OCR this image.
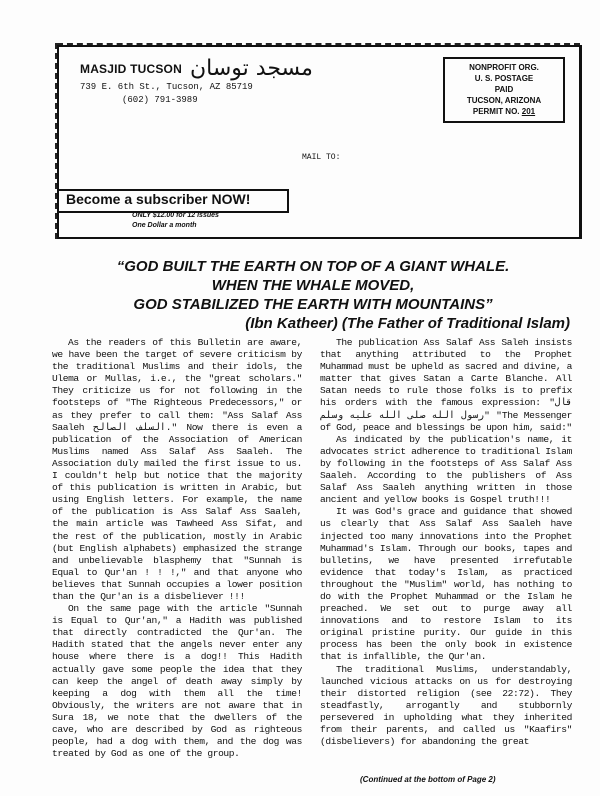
MASJID TUCSON مسجد توسان
739 E. 6th St., Tucson, AZ 85719
(602) 791-3989
NONPROFIT ORG.
U. S. POSTAGE
PAID
TUCSON, ARIZONA
PERMIT NO. 201
MAIL TO:
Become a subscriber NOW!
ONLY $12.00 for 12 issues
One Dollar a month
“GOD BUILT THE EARTH ON TOP OF A GIANT WHALE.
WHEN THE WHALE MOVED,
GOD STABILIZED THE EARTH WITH MOUNTAINS”
(Ibn Katheer) (The Father of Traditional Islam)

As the readers of this Bulletin are aware, we have been the target of severe criticism by the traditional Muslims and their idols, the Ulema or Mullas, i.e., the "great scholars." They criticize us for not following in the footsteps of "The Righteous Predecessors," or as they prefer to call them: "Ass Salaf Ass Saaleh السلف الصالح." Now there is even a publication of the Association of American Muslims named Ass Salaf Ass Saaleh. The Association duly mailed the first issue to us. I couldn't help but notice that the majority of this publication is written in Arabic, but using English letters. For example, the name of the publication is Ass Salaf Ass Saaleh, the main article was Tawheed Ass Sifat, and the rest of the publication, mostly in Arabic (but English alphabets) emphasized the strange and unbelievable blasphemy that "Sunnah is Equal to Qur'an ! ! !," and that anyone who believes that Sunnah occupies a lower position than the Qur'an is a disbeliever !!!

On the same page with the article "Sunnah is Equal to Qur'an," a Hadith was published that directly contradicted the Qur'an. The Hadith stated that the angels never enter any house where there is a dog!! This Hadith actually gave some people the idea that they can keep the angel of death away simply by keeping a dog with them all the time! Obviously, the writers are not aware that in Sura 18, we note that the dwellers of the cave, who are described by God as righteous people, had a dog with them, and the dog was treated by God as one of the group.

The publication Ass Salaf Ass Saleh insists that anything attributed to the Prophet Muhammad must be upheld as sacred and divine, a matter that gives Satan a Carte Blanche. All Satan needs to rule those folks is to prefix his orders with the famous expression: "قال رسول الله صلى الله عليه وسلم" "The Messenger of God, peace and blessings be upon him, said:"

As indicated by the publication's name, it advocates strict adherence to traditional Islam by following in the footsteps of Ass Salaf Ass Saaleh. According to the publishers of Ass Salaf Ass Saaleh anything written in those ancient and yellow books is Gospel truth!!!

It was God's grace and guidance that showed us clearly that Ass Salaf Ass Saaleh have injected too many innovations into the Prophet Muhammad's Islam. Through our books, tapes and bulletins, we have presented irrefutable evidence that today's Islam, as practiced throughout the "Muslim" world, has nothing to do with the Prophet Muhammad or the Islam he preached. We set out to purge away all innovations and to restore Islam to its original pristine purity. Our guide in this process has been the only book in existence that is infallible, the Qur'an.

The traditional Muslims, understandably, launched vicious attacks on us for destroying their distorted religion (see 22:72). They steadfastly, arrogantly and stubbornly persevered in upholding what they inherited from their parents, and called us "Kaafirs" (disbelievers) for abandoning the great

(Continued at the bottom of Page 2)
